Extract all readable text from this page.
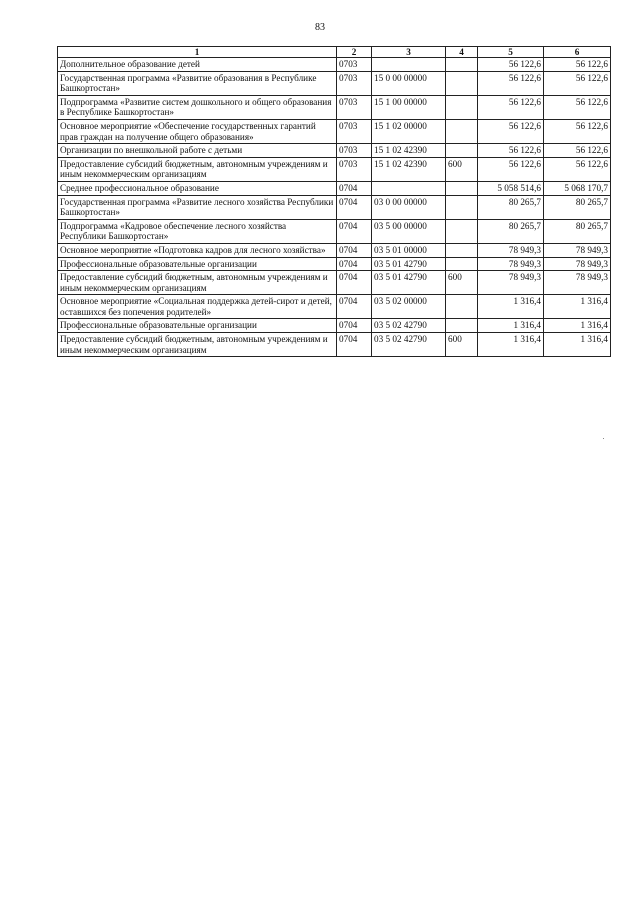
83
1	2	3	4	5	6
Дополнительное образование детей	0703			56 122,6	56 122,6
Государственная программа «Развитие образования в Республике Башкортостан»	0703	15 0 00 00000		56 122,6	56 122,6
Подпрограмма «Развитие систем дошкольного и общего образования в Республике Башкортостан»	0703	15 1 00 00000		56 122,6	56 122,6
Основное мероприятие «Обеспечение государственных гарантий прав граждан на получение общего образования»	0703	15 1 02 00000		56 122,6	56 122,6
Организации по внешкольной работе с детьми	0703	15 1 02 42390		56 122,6	56 122,6
Предоставление субсидий бюджетным, автономным учреждениям и иным некоммерческим организациям	0703	15 1 02 42390	600	56 122,6	56 122,6
Среднее профессиональное образование	0704			5 058 514,6	5 068 170,7
Государственная программа «Развитие лесного хозяйства Республики Башкортостан»	0704	03 0 00 00000		80 265,7	80 265,7
Подпрограмма «Кадровое обеспечение лесного хозяйства Республики Башкортостан»	0704	03 5 00 00000		80 265,7	80 265,7
Основное мероприятие «Подготовка кадров для лесного хозяйства»	0704	03 5 01 00000		78 949,3	78 949,3
Профессиональные образовательные организации	0704	03 5 01 42790		78 949,3	78 949,3
Предоставление субсидий бюджетным, автономным учреждениям и иным некоммерческим организациям	0704	03 5 01 42790	600	78 949,3	78 949,3
Основное мероприятие «Социальная поддержка детей-сирот и детей, оставшихся без попечения родителей»	0704	03 5 02 00000		1 316,4	1 316,4
Профессиональные образовательные организации	0704	03 5 02 42790		1 316,4	1 316,4
Предоставление субсидий бюджетным, автономным учреждениям и иным некоммерческим организациям	0704	03 5 02 42790	600	1 316,4	1 316,4
